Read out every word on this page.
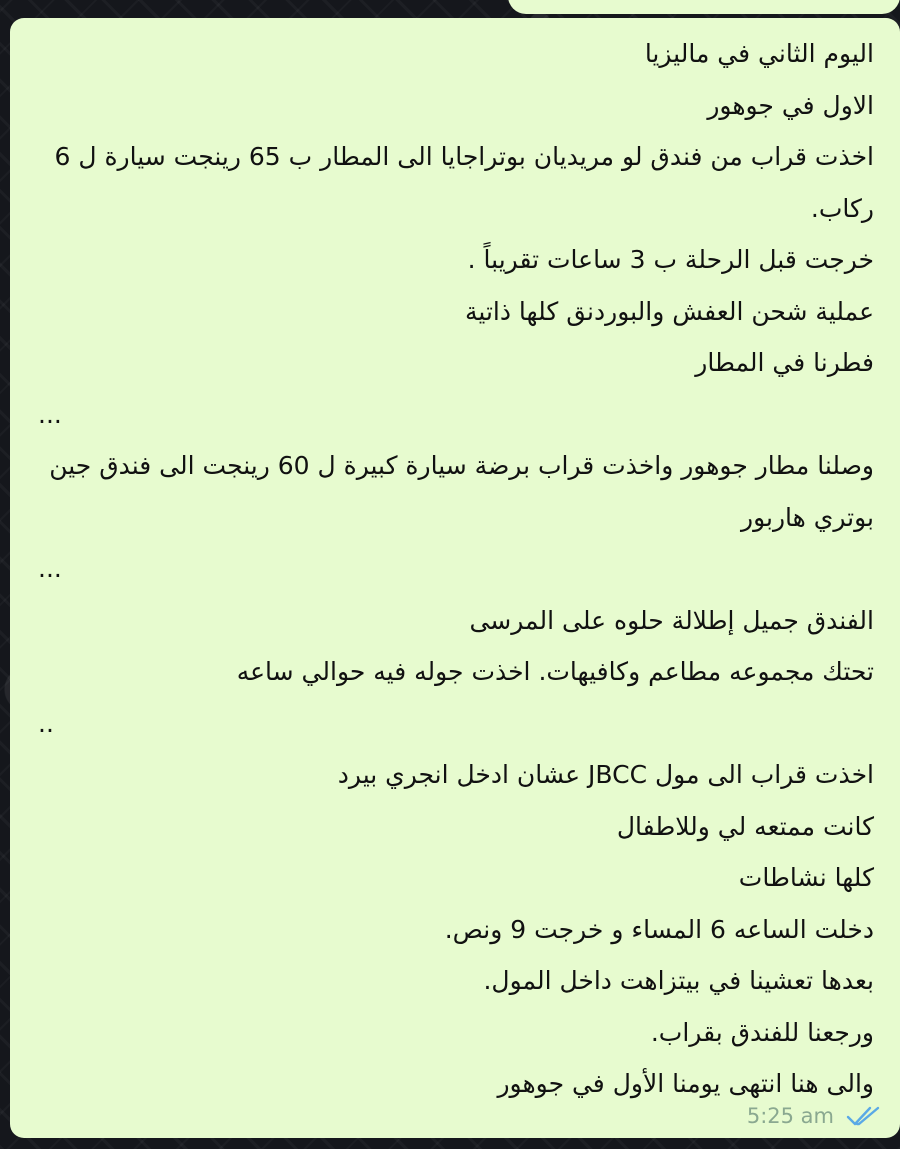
اليوم الثاني في ماليزيا
الاول في جوهور
اخذت قراب من فندق لو مريديان بوتراجايا الى المطار ب 65 رينجت سيارة ل 6 ركاب.
خرجت قبل الرحلة ب 3 ساعات تقريباً .
عملية شحن العفش والبوردنق كلها ذاتية
فطرنا في المطار
...
وصلنا مطار جوهور واخذت قراب برضة سيارة كبيرة ل 60 رينجت الى فندق جين بوتري هاربور
...
الفندق جميل إطلالة حلوه على المرسى
تحتك مجموعه مطاعم وكافيهات. اخذت جوله فيه حوالي ساعه
..
اخذت قراب الى مول JBCC عشان ادخل انجري بيرد
كانت ممتعه لي وللاطفال
كلها نشاطات
دخلت الساعه 6 المساء و خرجت 9 ونص.
بعدها تعشينا في بيتزاهت داخل المول.
ورجعنا للفندق بقراب.
والى هنا انتهى يومنا الأول في جوهور
5:25 am
